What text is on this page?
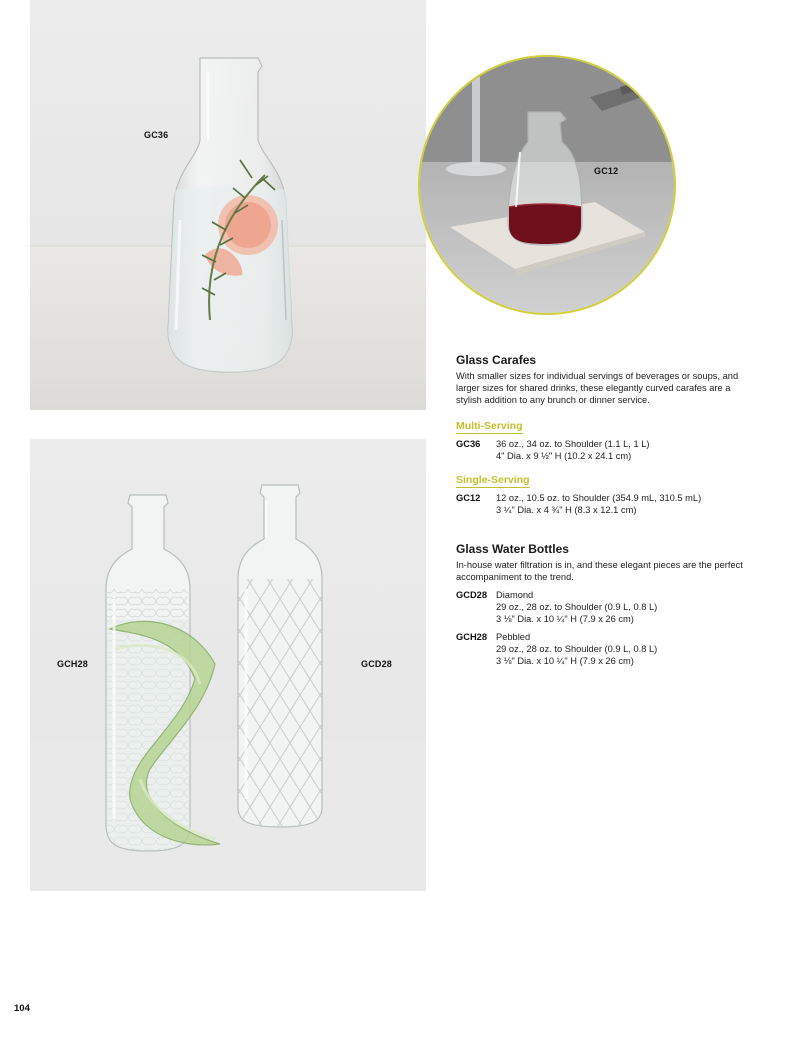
GC36
GC12
GCH28	GCD28
Glass Carafes

With smaller sizes for individual servings of beverages or soups, and larger sizes for shared drinks, these elegantly curved carafes are a stylish addition to any brunch or dinner service.

Multi-Serving
GC36	36 oz., 34 oz. to Shoulder (1.1 L, 1 L)
4" Dia. x 9 ½" H (10.2 x 24.1 cm)
Single-Serving
GC12	12 oz., 10.5 oz. to Shoulder (354.9 mL, 310.5 mL)
3 ¼" Dia. x 4 ¾" H (8.3 x 12.1 cm)
Glass Water Bottles

In-house water filtration is in, and these elegant pieces are the perfect accompaniment to the trend.

GCD28 Diamond
29 oz., 28 oz. to Shoulder (0.9 L, 0.8 L)
3 ⅛" Dia. x 10 ¼" H (7.9 x 26 cm)
GCH28 Pebbled
29 oz., 28 oz. to Shoulder (0.9 L, 0.8 L)
3 ⅛" Dia. x 10 ¼" H (7.9 x 26 cm)
104
